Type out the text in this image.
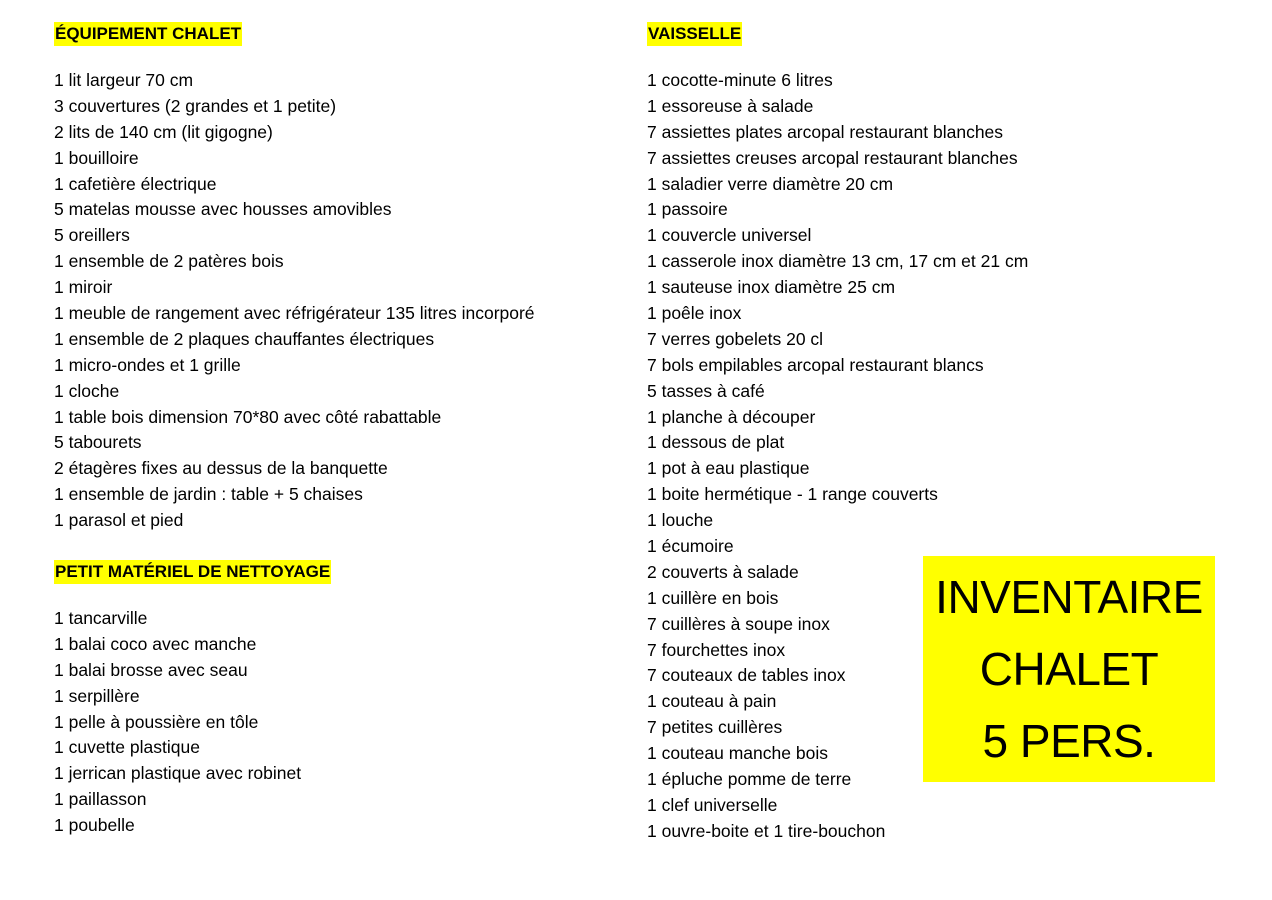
ÉQUIPEMENT CHALET
1 lit largeur 70 cm
3 couvertures (2 grandes et 1 petite)
2 lits de 140 cm (lit gigogne)
1 bouilloire
1 cafetière électrique
5 matelas mousse avec housses amovibles
5 oreillers
1 ensemble de 2 patères bois
1 miroir
1 meuble de rangement avec réfrigérateur 135 litres incorporé
1 ensemble de 2 plaques chauffantes électriques
1 micro-ondes et 1 grille
1 cloche
1 table bois dimension 70*80 avec côté rabattable
5 tabourets
2 étagères fixes au dessus de la banquette
1 ensemble de jardin : table + 5 chaises
1 parasol et pied
PETIT MATÉRIEL DE NETTOYAGE
1 tancarville
1 balai coco avec manche
1 balai brosse avec seau
1 serpillère
1 pelle à poussière en tôle
1 cuvette plastique
1 jerrican plastique avec robinet
1 paillasson
1 poubelle
VAISSELLE
1 cocotte-minute 6 litres
1 essoreuse à salade
7 assiettes plates arcopal restaurant blanches
7 assiettes creuses arcopal restaurant blanches
1 saladier verre diamètre 20 cm
1 passoire
1 couvercle universel
1 casserole inox diamètre 13 cm, 17 cm et 21 cm
1 sauteuse inox diamètre 25 cm
1 poêle inox
7 verres gobelets 20 cl
7 bols empilables arcopal restaurant blancs
5 tasses à café
1 planche à découper
1 dessous de plat
1 pot à eau plastique
1 boite hermétique - 1 range couverts
1 louche
1 écumoire
2 couverts à salade
1 cuillère en bois
7 cuillères à soupe inox
7 fourchettes inox
7 couteaux de tables inox
1 couteau à pain
7 petites cuillères
1 couteau manche bois
1 épluche pomme de terre
1 clef universelle
1 ouvre-boite et 1 tire-bouchon
INVENTAIRE
CHALET
5 PERS.
